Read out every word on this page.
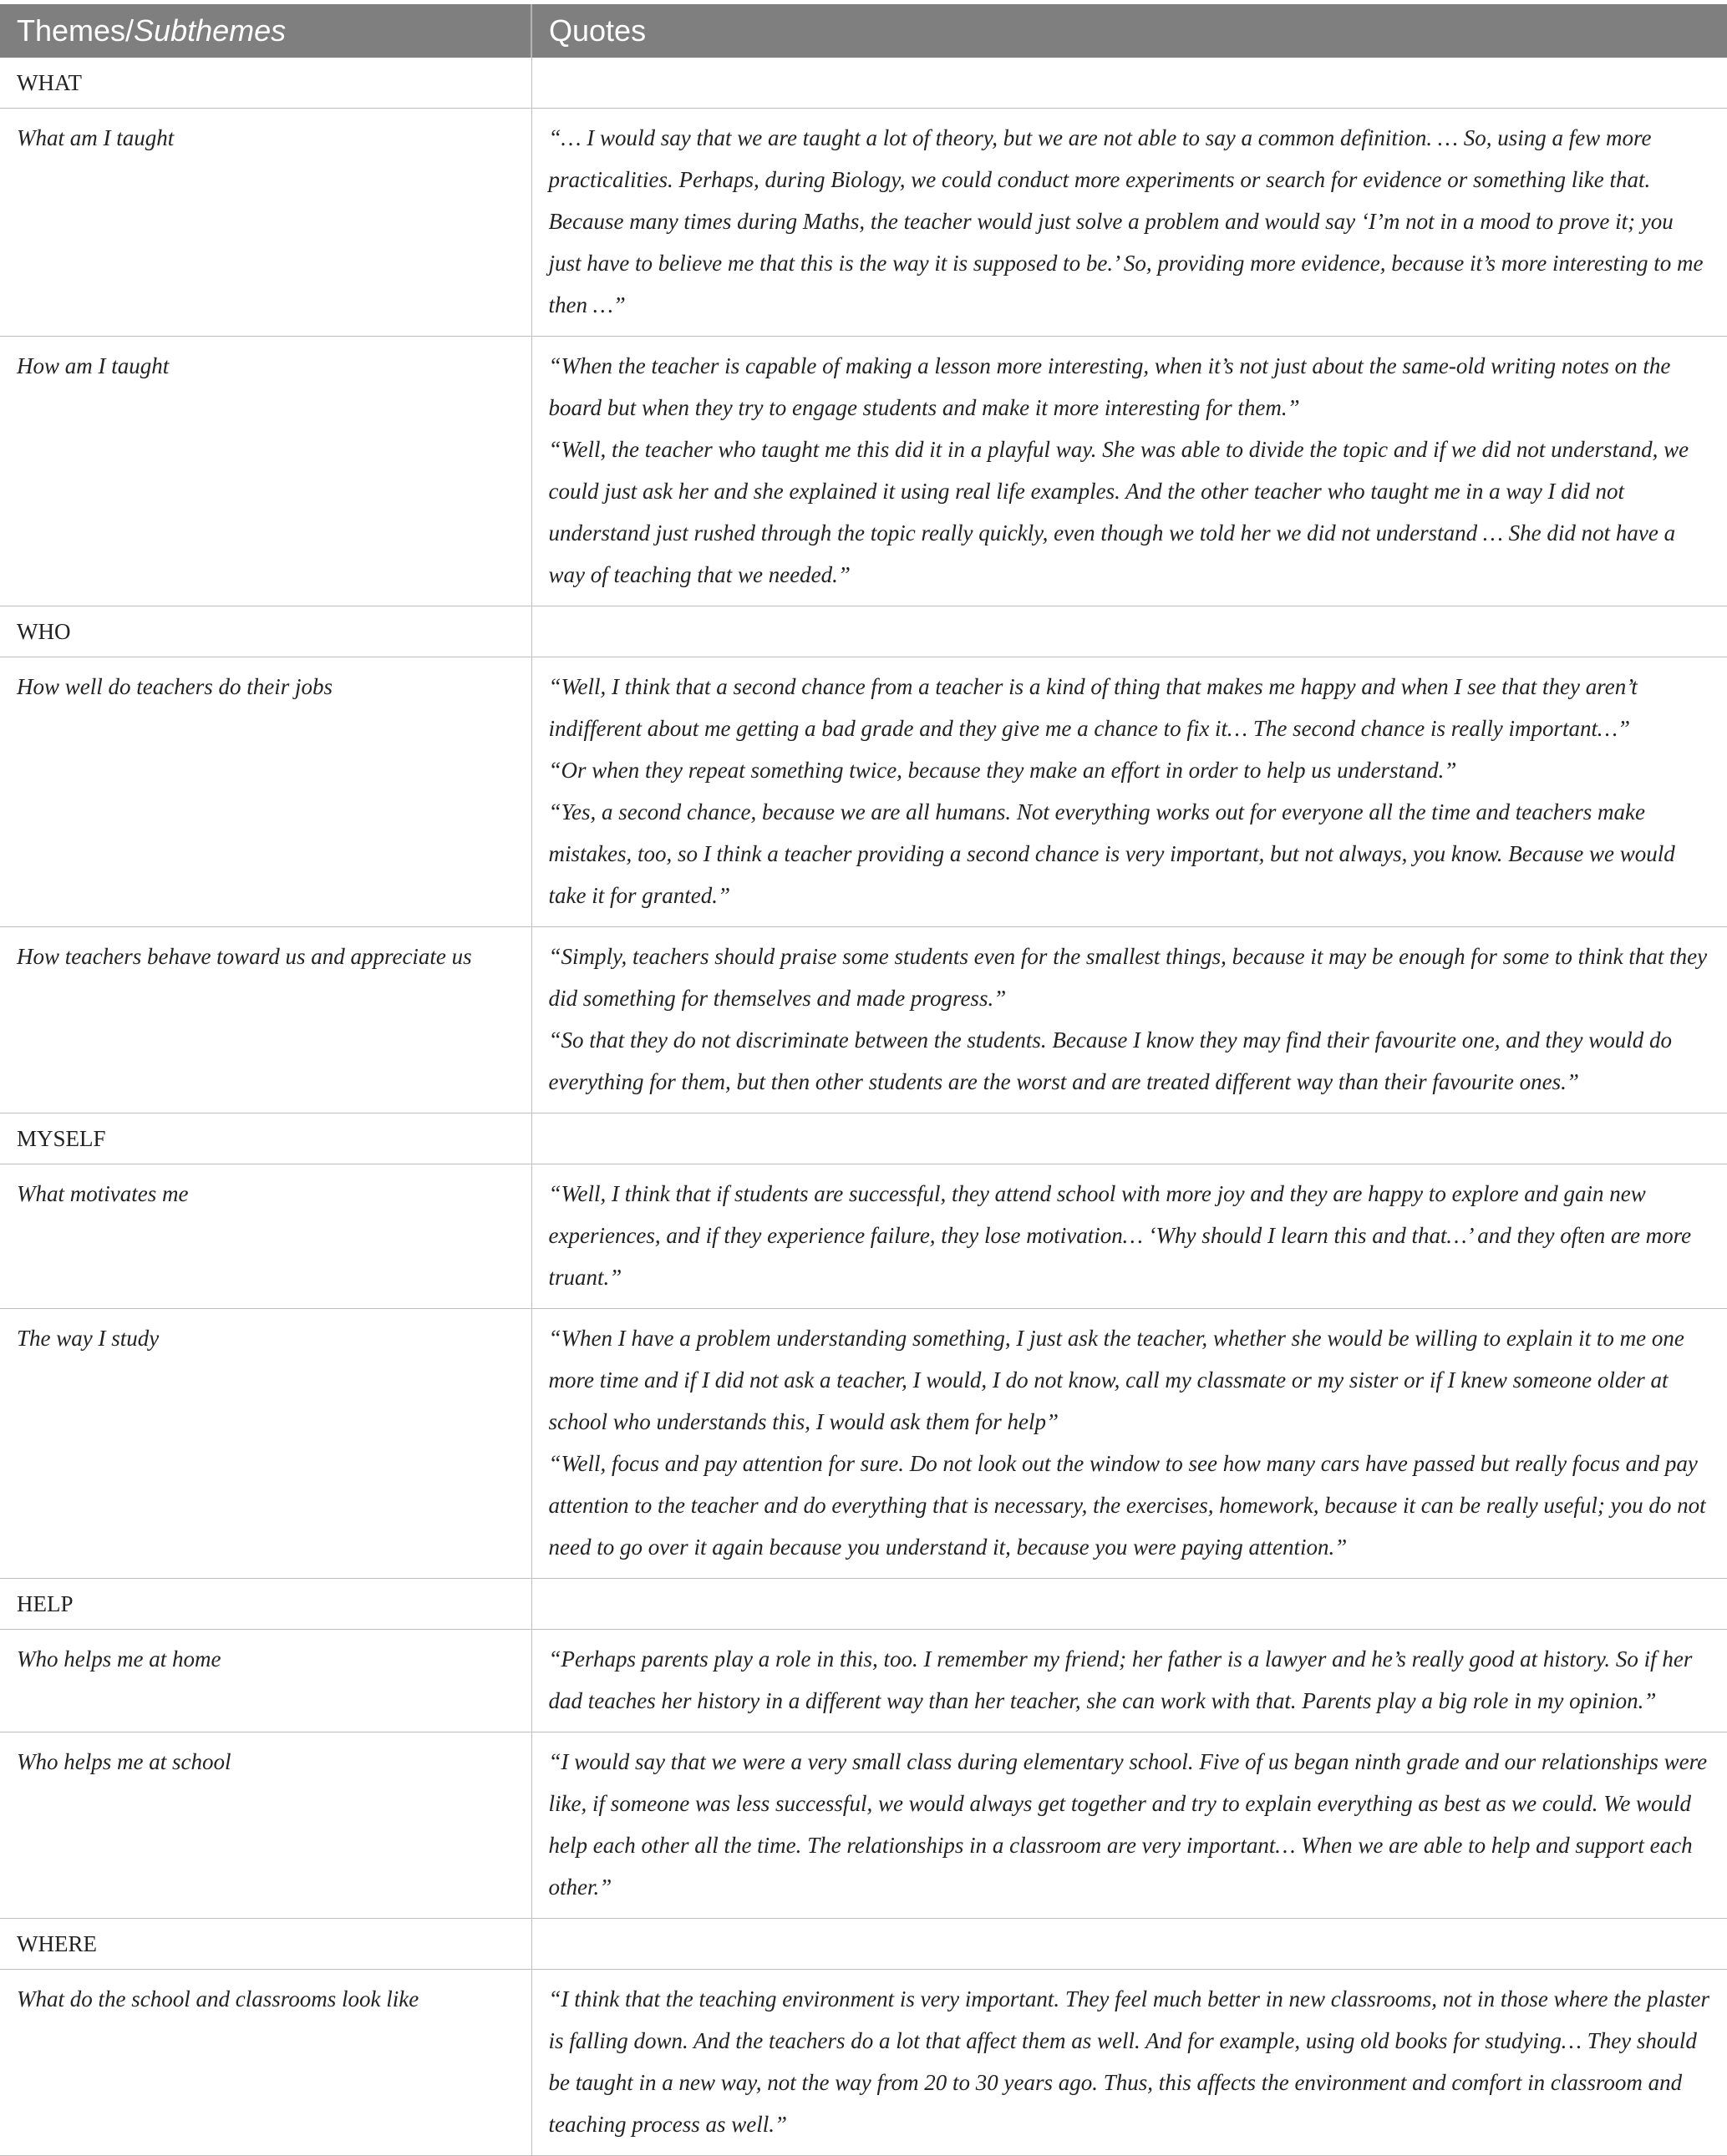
Themes/Subthemes	Quotes
WHAT	
What am I taught	“… I would say that we are taught a lot of theory, but we are not able to say a common definition. … So, using a few more practicalities. Perhaps, during Biology, we could conduct more experiments or search for evidence or something like that. Because many times during Maths, the teacher would just solve a problem and would say ‘I’m not in a mood to prove it; you just have to believe me that this is the way it is supposed to be.’ So, providing more evidence, because it’s more interesting to me then …”

How am I taught	“When the teacher is capable of making a lesson more interesting, when it’s not just about the same-old writing notes on the board but when they try to engage students and make it more interesting for them.”
“Well, the teacher who taught me this did it in a playful way. She was able to divide the topic and if we did not understand, we could just ask her and she explained it using real life examples. And the other teacher who taught me in a way I did not understand just rushed through the topic really quickly, even though we told her we did not understand … She did not have a way of teaching that we needed.”

WHO	
How well do teachers do their jobs	“Well, I think that a second chance from a teacher is a kind of thing that makes me happy and when I see that they aren’t indifferent about me getting a bad grade and they give me a chance to fix it… The second chance is really important…”
“Or when they repeat something twice, because they make an effort in order to help us understand.”
“Yes, a second chance, because we are all humans. Not everything works out for everyone all the time and teachers make mistakes, too, so I think a teacher providing a second chance is very important, but not always, you know. Because we would take it for granted.”

How teachers behave toward us and appreciate us	“Simply, teachers should praise some students even for the smallest things, because it may be enough for some to think that they did something for themselves and made progress.”
“So that they do not discriminate between the students. Because I know they may find their favourite one, and they would do everything for them, but then other students are the worst and are treated different way than their favourite ones.”

MYSELF	
What motivates me	“Well, I think that if students are successful, they attend school with more joy and they are happy to explore and gain new experiences, and if they experience failure, they lose motivation… ‘Why should I learn this and that…’ and they often are more truant.”

The way I study	“When I have a problem understanding something, I just ask the teacher, whether she would be willing to explain it to me one more time and if I did not ask a teacher, I would, I do not know, call my classmate or my sister or if I knew someone older at school who understands this, I would ask them for help”
“Well, focus and pay attention for sure. Do not look out the window to see how many cars have passed but really focus and pay attention to the teacher and do everything that is necessary, the exercises, homework, because it can be really useful; you do not need to go over it again because you understand it, because you were paying attention.”

HELP	
Who helps me at home	“Perhaps parents play a role in this, too. I remember my friend; her father is a lawyer and he’s really good at history. So if her dad teaches her history in a different way than her teacher, she can work with that. Parents play a big role in my opinion.”

Who helps me at school	“I would say that we were a very small class during elementary school. Five of us began ninth grade and our relationships were like, if someone was less successful, we would always get together and try to explain everything as best as we could. We would help each other all the time. The relationships in a classroom are very important… When we are able to help and support each other.”

WHERE	
What do the school and classrooms look like	“I think that the teaching environment is very important. They feel much better in new classrooms, not in those where the plaster is falling down. And the teachers do a lot that affect them as well. And for example, using old books for studying… They should be taught in a new way, not the way from 20 to 30 years ago. Thus, this affects the environment and comfort in classroom and teaching process as well.”
